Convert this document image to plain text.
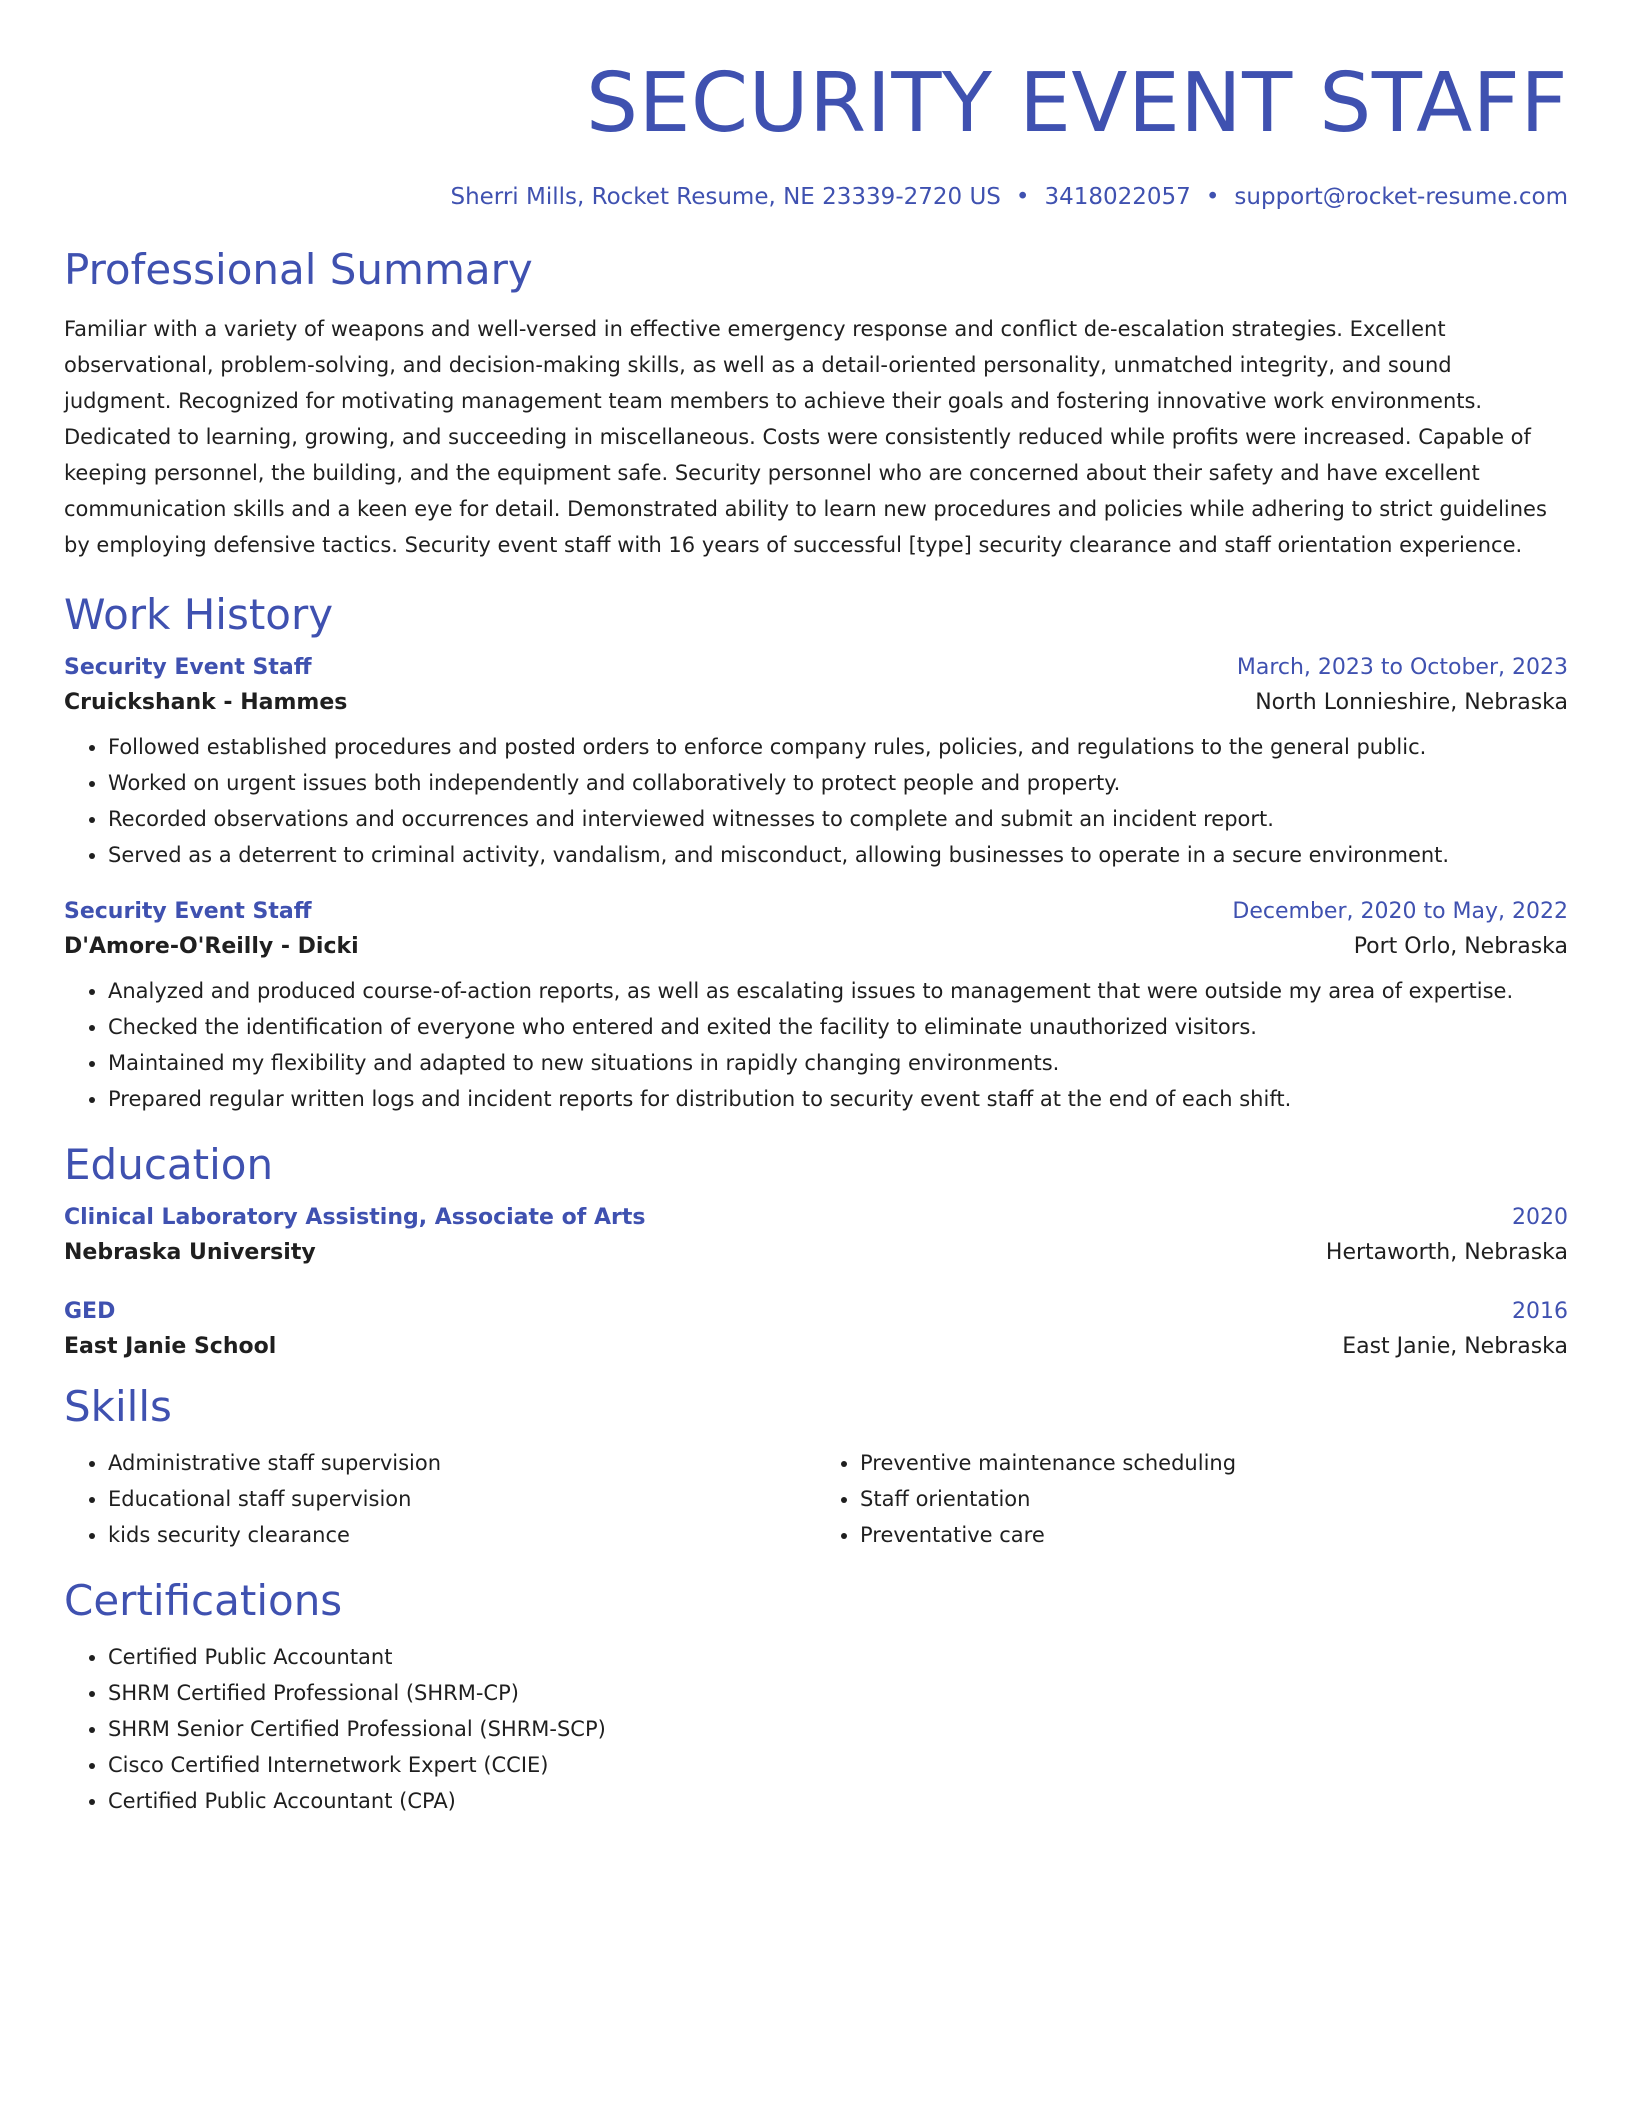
SECURITY EVENT STAFF
Sherri Mills, Rocket Resume, NE 23339-2720 US • 3418022057 • support@rocket-resume.com
Professional Summary

Familiar with a variety of weapons and well-versed in effective emergency response and conflict de-escalation strategies. Excellent
observational, problem-solving, and decision-making skills, as well as a detail-oriented personality, unmatched integrity, and sound
judgment. Recognized for motivating management team members to achieve their goals and fostering innovative work environments.
Dedicated to learning, growing, and succeeding in miscellaneous. Costs were consistently reduced while profits were increased. Capable of
keeping personnel, the building, and the equipment safe. Security personnel who are concerned about their safety and have excellent
communication skills and a keen eye for detail. Demonstrated ability to learn new procedures and policies while adhering to strict guidelines
by employing defensive tactics. Security event staff with 16 years of successful [type] security clearance and staff orientation experience.

Work History
Security Event Staff	March, 2023 to October, 2023
Cruickshank - Hammes	North Lonnieshire, Nebraska
• Followed established procedures and posted orders to enforce company rules, policies, and regulations to the general public.
• Worked on urgent issues both independently and collaboratively to protect people and property.
• Recorded observations and occurrences and interviewed witnesses to complete and submit an incident report.
• Served as a deterrent to criminal activity, vandalism, and misconduct, allowing businesses to operate in a secure environment.
Security Event Staff	December, 2020 to May, 2022
D'Amore-O'Reilly - Dicki	Port Orlo, Nebraska
• Analyzed and produced course-of-action reports, as well as escalating issues to management that were outside my area of expertise.
• Checked the identification of everyone who entered and exited the facility to eliminate unauthorized visitors.
• Maintained my flexibility and adapted to new situations in rapidly changing environments.
• Prepared regular written logs and incident reports for distribution to security event staff at the end of each shift.
Education
Clinical Laboratory Assisting, Associate of Arts	2020
Nebraska University	Hertaworth, Nebraska
GED	2016
East Janie School	East Janie, Nebraska
Skills
• Administrative staff supervision
• Educational staff supervision
• kids security clearance
• Preventive maintenance scheduling
• Staff orientation
• Preventative care
Certifications
• Certified Public Accountant
• SHRM Certified Professional (SHRM-CP)
• SHRM Senior Certified Professional (SHRM-SCP)
• Cisco Certified Internetwork Expert (CCIE)
• Certified Public Accountant (CPA)
